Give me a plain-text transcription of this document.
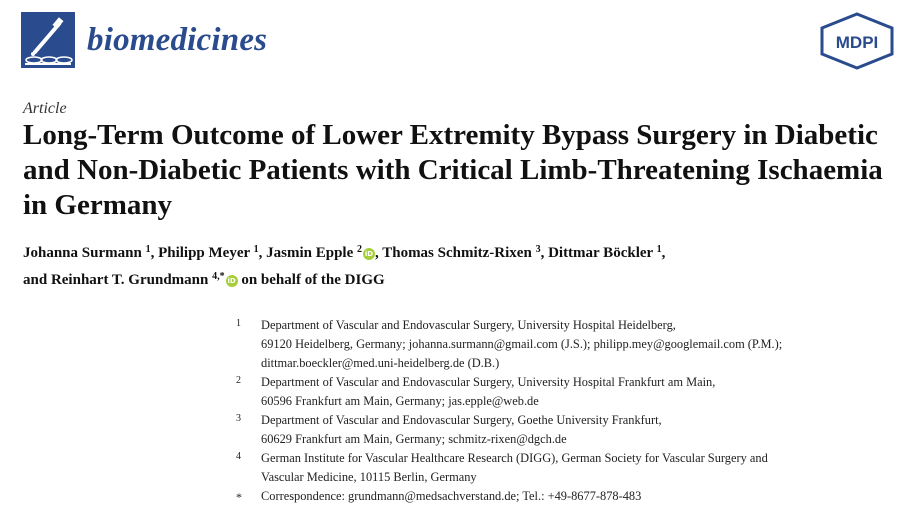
biomedicines	MDPI
Article
Long-Term Outcome of Lower Extremity Bypass Surgery in Diabetic and Non-Diabetic Patients with Critical Limb-Threatening Ischaemia in Germany
Johanna Surmann $^1$, Philipp Meyer $^1$, Jasmin Epple $^2$ iD , Thomas Schmitz-Rixen $^3$, Dittmar Böckler $^1$,
and Reinhart T. Grundmann $^{4,*}$ iD on behalf of the DIGG
1 Department of Vascular and Endovascular Surgery, University Hospital Heidelberg,
69120 Heidelberg, Germany; johanna.surmann@gmail.com (J.S.); philipp.mey@googlemail.com (P.M.);
dittmar.boeckler@med.uni-heidelberg.de (D.B.)
2 Department of Vascular and Endovascular Surgery, University Hospital Frankfurt am Main,
60596 Frankfurt am Main, Germany; jas.epple@web.de
3 Department of Vascular and Endovascular Surgery, Goethe University Frankfurt,
60629 Frankfurt am Main, Germany; schmitz-rixen@dgch.de
4 German Institute for Vascular Healthcare Research (DIGG), German Society for Vascular Surgery and
Vascular Medicine, 10115 Berlin, Germany
* Correspondence: grundmann@medsachverstand.de; Tel.: +49-8677-878-483
